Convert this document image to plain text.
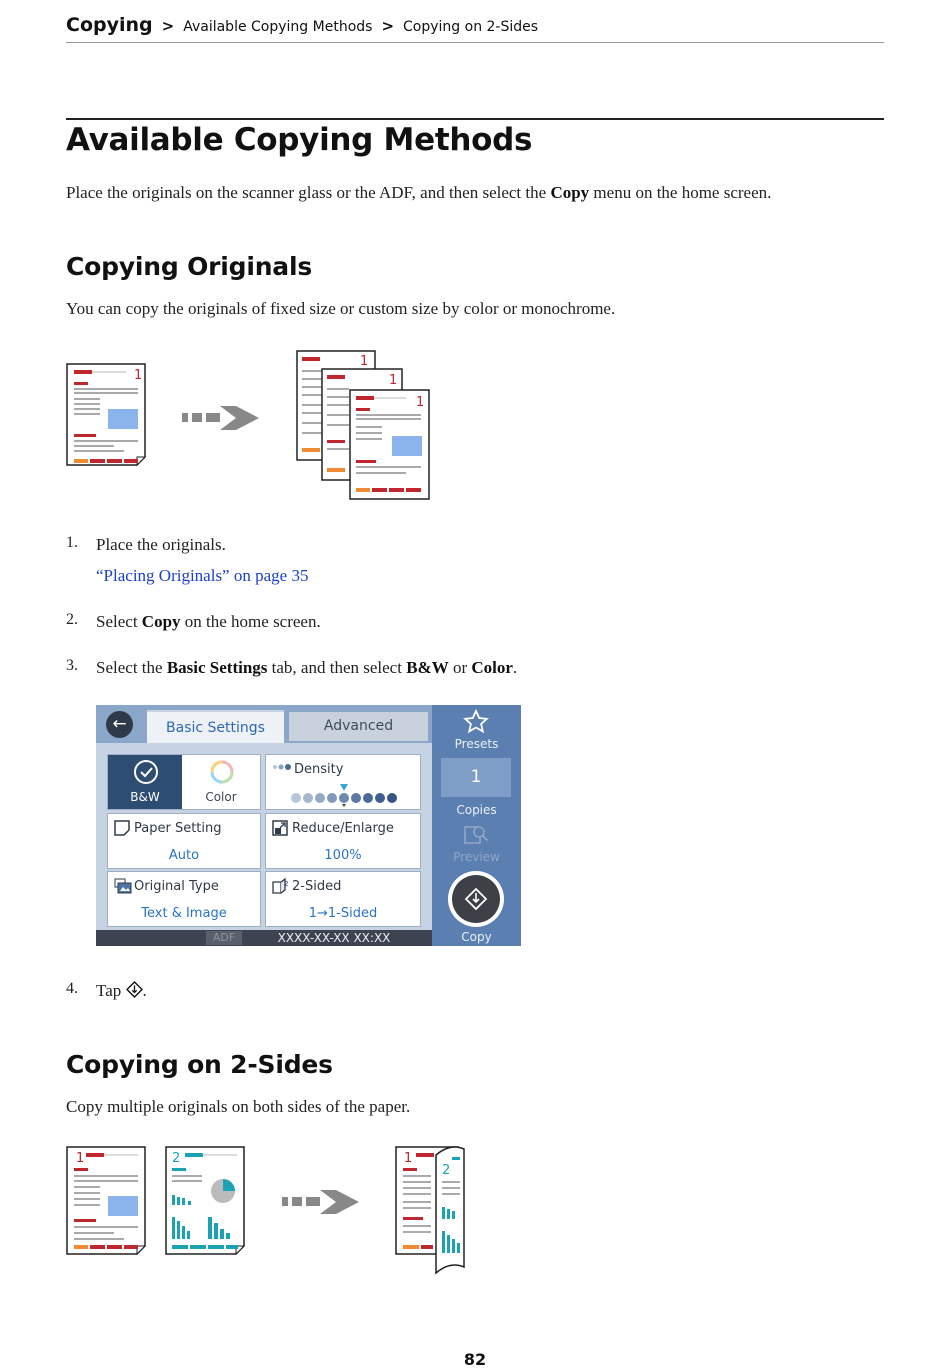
Copying > Available Copying Methods > Copying on 2-Sides
Available Copying Methods
Place the originals on the scanner glass or the ADF, and then select the Copy menu on the home screen.
Copying Originals
You can copy the originals of fixed size or custom size by color or monochrome.
1
1
1
1
1. Place the originals.
“Placing Originals” on page 35
2. Select Copy on the home screen.
3. Select the Basic Settings tab, and then select B&W or Color.
←	Basic Settings	Advanced
B&W	Color
Density
Paper Setting
Auto
Reduce/Enlarge
100%
Original Type
Text & Image
2 2-Sided
1→1-Sided
ADF	XXXX-XX-XX XX:XX
Presets
1
Copies
Preview
Copy
4. Tap .
Copying on 2-Sides
Copy multiple originals on both sides of the paper.
1	2	1
2
82
